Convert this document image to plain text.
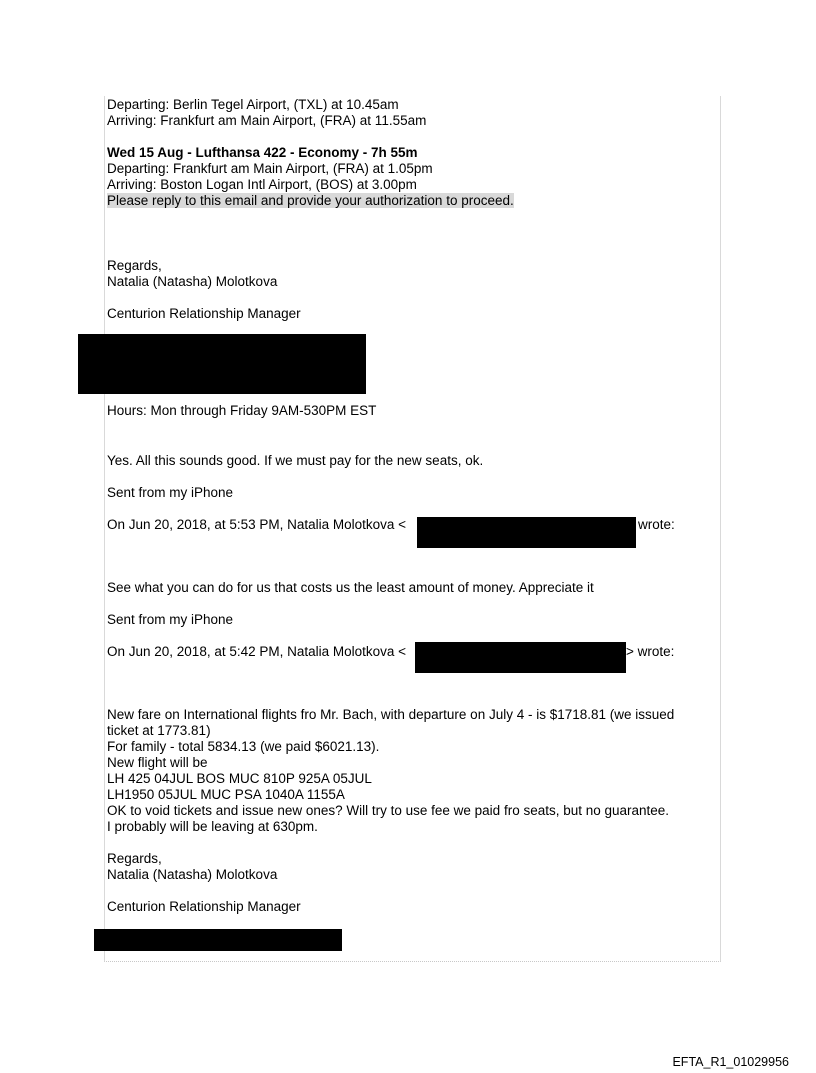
Departing: Berlin Tegel Airport, (TXL) at 10.45am

Arriving: Frankfurt am Main Airport, (FRA) at 11.55am

Wed 15 Aug - Lufthansa 422 - Economy - 7h 55m

Departing: Frankfurt am Main Airport, (FRA) at 1.05pm

Arriving: Boston Logan Intl Airport, (BOS) at 3.00pm

Please reply to this email and provide your authorization to proceed.

Regards,

Natalia (Natasha) Molotkova

Centurion Relationship Manager

Hours: Mon through Friday 9AM-530PM EST

Yes. All this sounds good. If we must pay for the new seats, ok.

Sent from my iPhone

On Jun 20, 2018, at 5:53 PM, Natalia Molotkova <	wrote:

See what you can do for us that costs us the least amount of money. Appreciate it

Sent from my iPhone

On Jun 20, 2018, at 5:42 PM, Natalia Molotkova <	> wrote:

New fare on International flights fro Mr. Bach, with departure on July 4 - is $1718.81 (we issued

ticket at 1773.81)

For family - total 5834.13 (we paid $6021.13).

New flight will be

LH 425 04JUL BOS MUC 810P 925A 05JUL

LH1950 05JUL MUC PSA 1040A 1155A

OK to void tickets and issue new ones? Will try to use fee we paid fro seats, but no guarantee.

I probably will be leaving at 630pm.

Regards,

Natalia (Natasha) Molotkova

Centurion Relationship Manager

EFTA_R1_01029956
